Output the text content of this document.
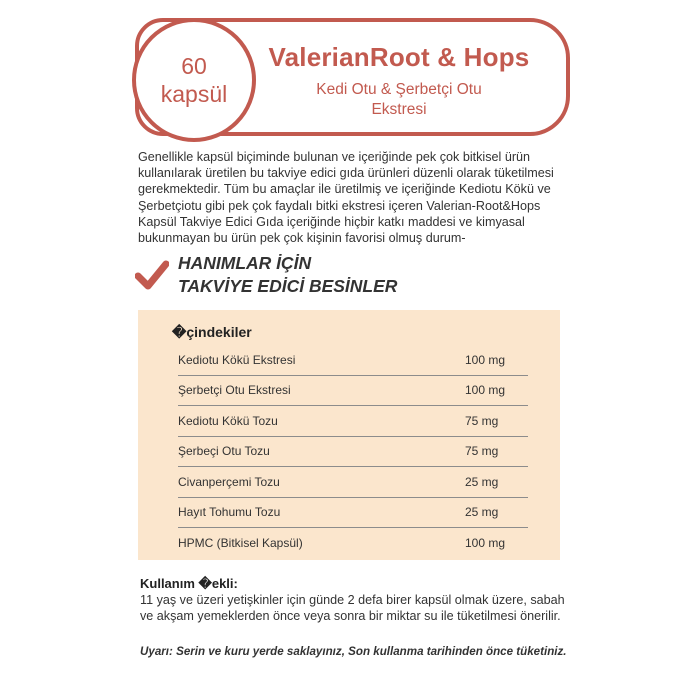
60
kapsül
ValerianRoot & Hops
Kedi Otu & Şerbetçi Otu
Ekstresi

Genellikle kapsül biçiminde bulunan ve içeriğinde pek çok bitkisel ürün kullanılarak üretilen bu takviye edici gıda ürünleri düzenli olarak tüketilmesi gerekmektedir. Tüm bu amaçlar ile üretilmiş ve içeriğinde Kediotu Kökü ve Şerbetçiotu gibi pek çok faydalı bitki ekstresi içeren Valerian-Root&Hops Kapsül Takviye Edici Gıda içeriğinde hiçbir katkı maddesi ve kimyasal bukunmayan bu ürün pek çok kişinin favorisi olmuş durum-

HANIMLAR İÇİN
TAKVİYE EDİCİ BESİNLER
�çindekiler
Kediotu Kökü Ekstresi	100 mg
Şerbetçi Otu Ekstresi	100 mg
Kediotu Kökü Tozu	75 mg
Şerbeçi Otu Tozu	75 mg
Civanperçemi Tozu	25 mg
Hayıt Tohumu Tozu	25 mg
HPMC (Bitkisel Kapsül)	100 mg
Kullanım �ekli:

11 yaş ve üzeri yetişkinler için günde 2 defa birer kapsül olmak üzere, sabah ve akşam yemeklerden önce veya sonra bir miktar su ile tüketilmesi önerilir.

Uyarı: Serin ve kuru yerde saklayınız, Son kullanma tarihinden önce tüketiniz.
